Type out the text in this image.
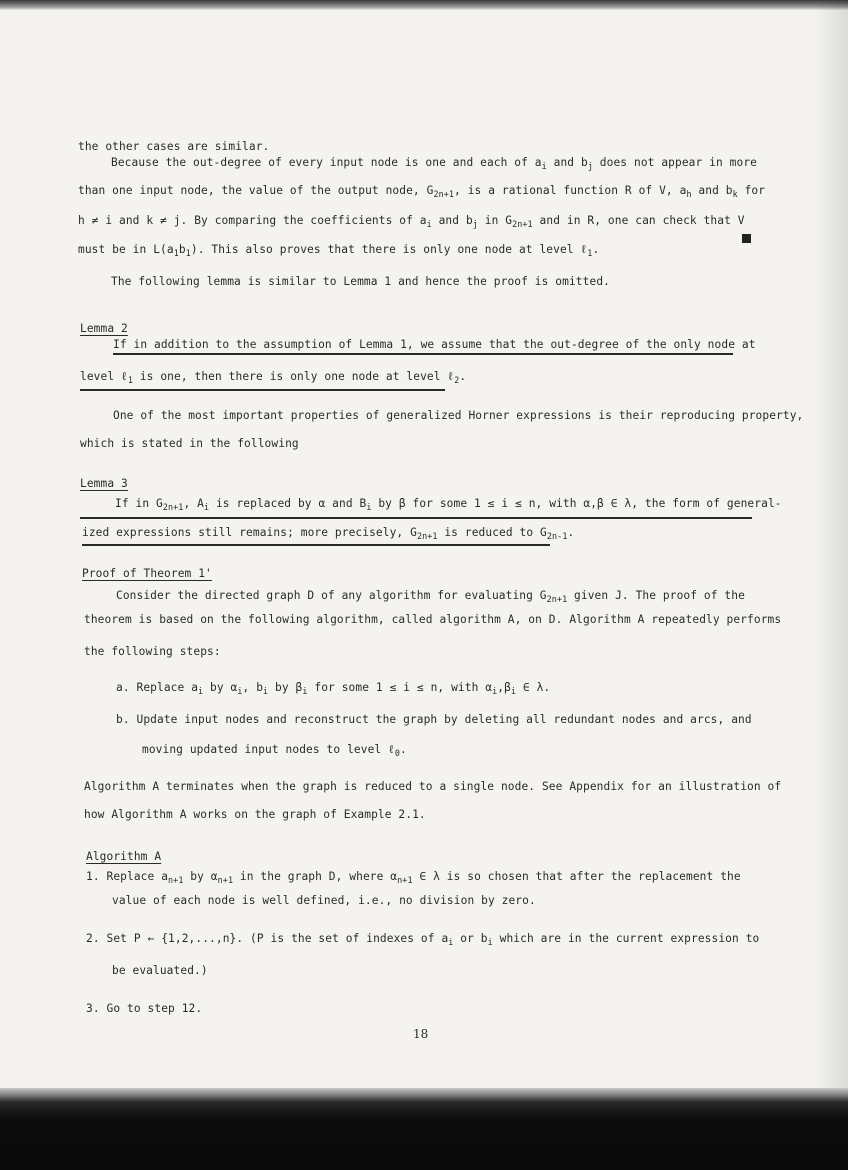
the other cases are similar.
Because the out-degree of every input node is one and each of $a_i$ and $b_j$ does not appear in more
than one input node, the value of the output node, $G_{2n+1}$, is a rational function R of V, $a_h$ and $b_k$ for
h ≠ i and k ≠ j. By comparing the coefficients of $a_i$ and $b_j$ in $G_{2n+1}$ and in R, one can check that V
must be in $L(a_1b_1)$. This also proves that there is only one node at level ℓ$_1$.
The following lemma is similar to Lemma 1 and hence the proof is omitted.
Lemma 2
If in addition to the assumption of Lemma 1, we assume that the out-degree of the only node at
level ℓ$_1$ is one, then there is only one node at level ℓ$_2$.
One of the most important properties of generalized Horner expressions is their reproducing property,
which is stated in the following
Lemma 3
If in $G_{2n+1}$, $A_i$ is replaced by α and $B_i$ by β for some 1 ≤ i ≤ n, with α,β ∈ λ, the form of general-
ized expressions still remains; more precisely, $G_{2n+1}$ is reduced to $G_{2n-1}$.
Proof of Theorem 1'
Consider the directed graph D of any algorithm for evaluating $G_{2n+1}$ given J. The proof of the
theorem is based on the following algorithm, called algorithm A, on D. Algorithm A repeatedly performs
the following steps:
a. Replace $a_i$ by $\alpha_i$, $b_i$ by $\beta_i$ for some 1 ≤ i ≤ n, with $\alpha_i,\beta_i$ ∈ λ.
b. Update input nodes and reconstruct the graph by deleting all redundant nodes and arcs, and
moving updated input nodes to level ℓ$_0$.
Algorithm A terminates when the graph is reduced to a single node. See Appendix for an illustration of
how Algorithm A works on the graph of Example 2.1.
Algorithm A
1. Replace $a_{n+1}$ by $\alpha_{n+1}$ in the graph D, where $\alpha_{n+1}$ ∈ λ is so chosen that after the replacement the
value of each node is well defined, i.e., no division by zero.
2. Set P ← {1,2,...,n}. (P is the set of indexes of $a_i$ or $b_i$ which are in the current expression to
be evaluated.)
3. Go to step 12.
18
